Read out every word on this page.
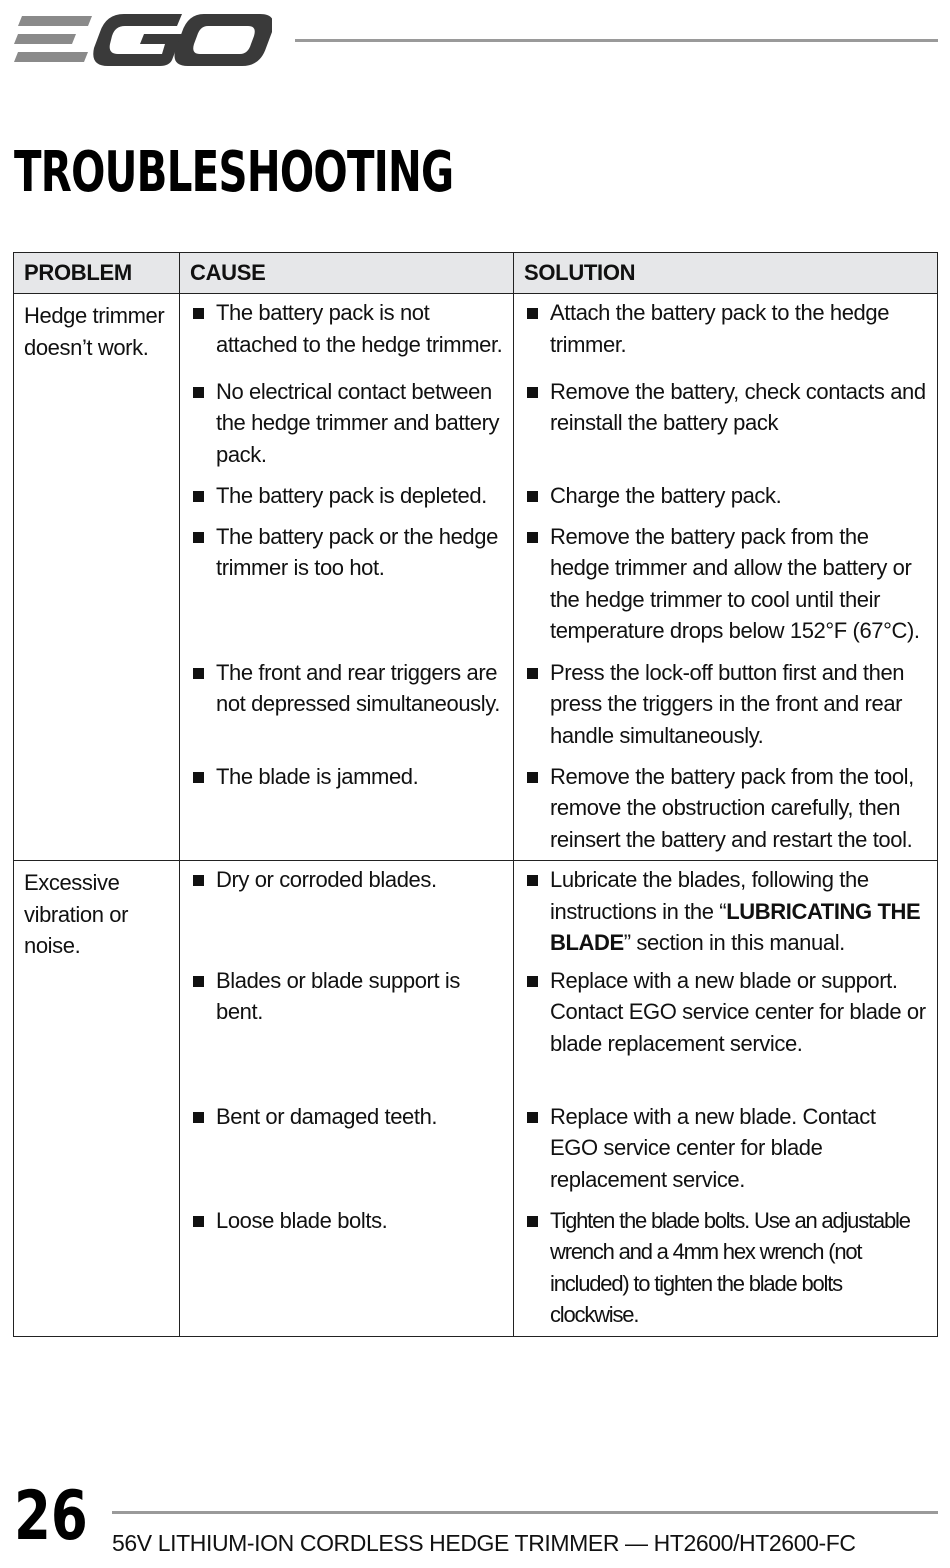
TROUBLESHOOTING
PROBLEM	CAUSE	SOLUTION

Hedge trimmer doesn’t work.	The battery pack is not attached to the hedge trimmer.	Attach the battery pack to the hedge trimmer.

	No electrical contact between the hedge trimmer and battery pack.	Remove the battery, check contacts and reinstall the battery pack

	The battery pack is depleted.	Charge the battery pack.

	The battery pack or the hedge trimmer is too hot.	Remove the battery pack from the hedge trimmer and allow the battery or the hedge trimmer to cool until their temperature drops below 152°F (67°C).

	The front and rear triggers are not depressed simultaneously.	Press the lock-off button first and then press the triggers in the front and rear handle simultaneously.

	The blade is jammed.	Remove the battery pack from the tool, remove the obstruction carefully, then reinsert the battery and restart the tool.

Excessive vibration or noise.	Dry or corroded blades.	Lubricate the blades, following the instructions in the “LUBRICATING THE BLADE” section in this manual.

	Blades or blade support is bent.	Replace with a new blade or support. Contact EGO service center for blade or blade replacement service.

	Bent or damaged teeth.	Replace with a new blade. Contact EGO service center for blade replacement service.

	Loose blade bolts.	Tighten the blade bolts. Use an adjustable wrench and a 4mm hex wrench (not included) to tighten the blade bolts clockwise.
26 56V LITHIUM-ION CORDLESS HEDGE TRIMMER — HT2600/HT2600-FC
